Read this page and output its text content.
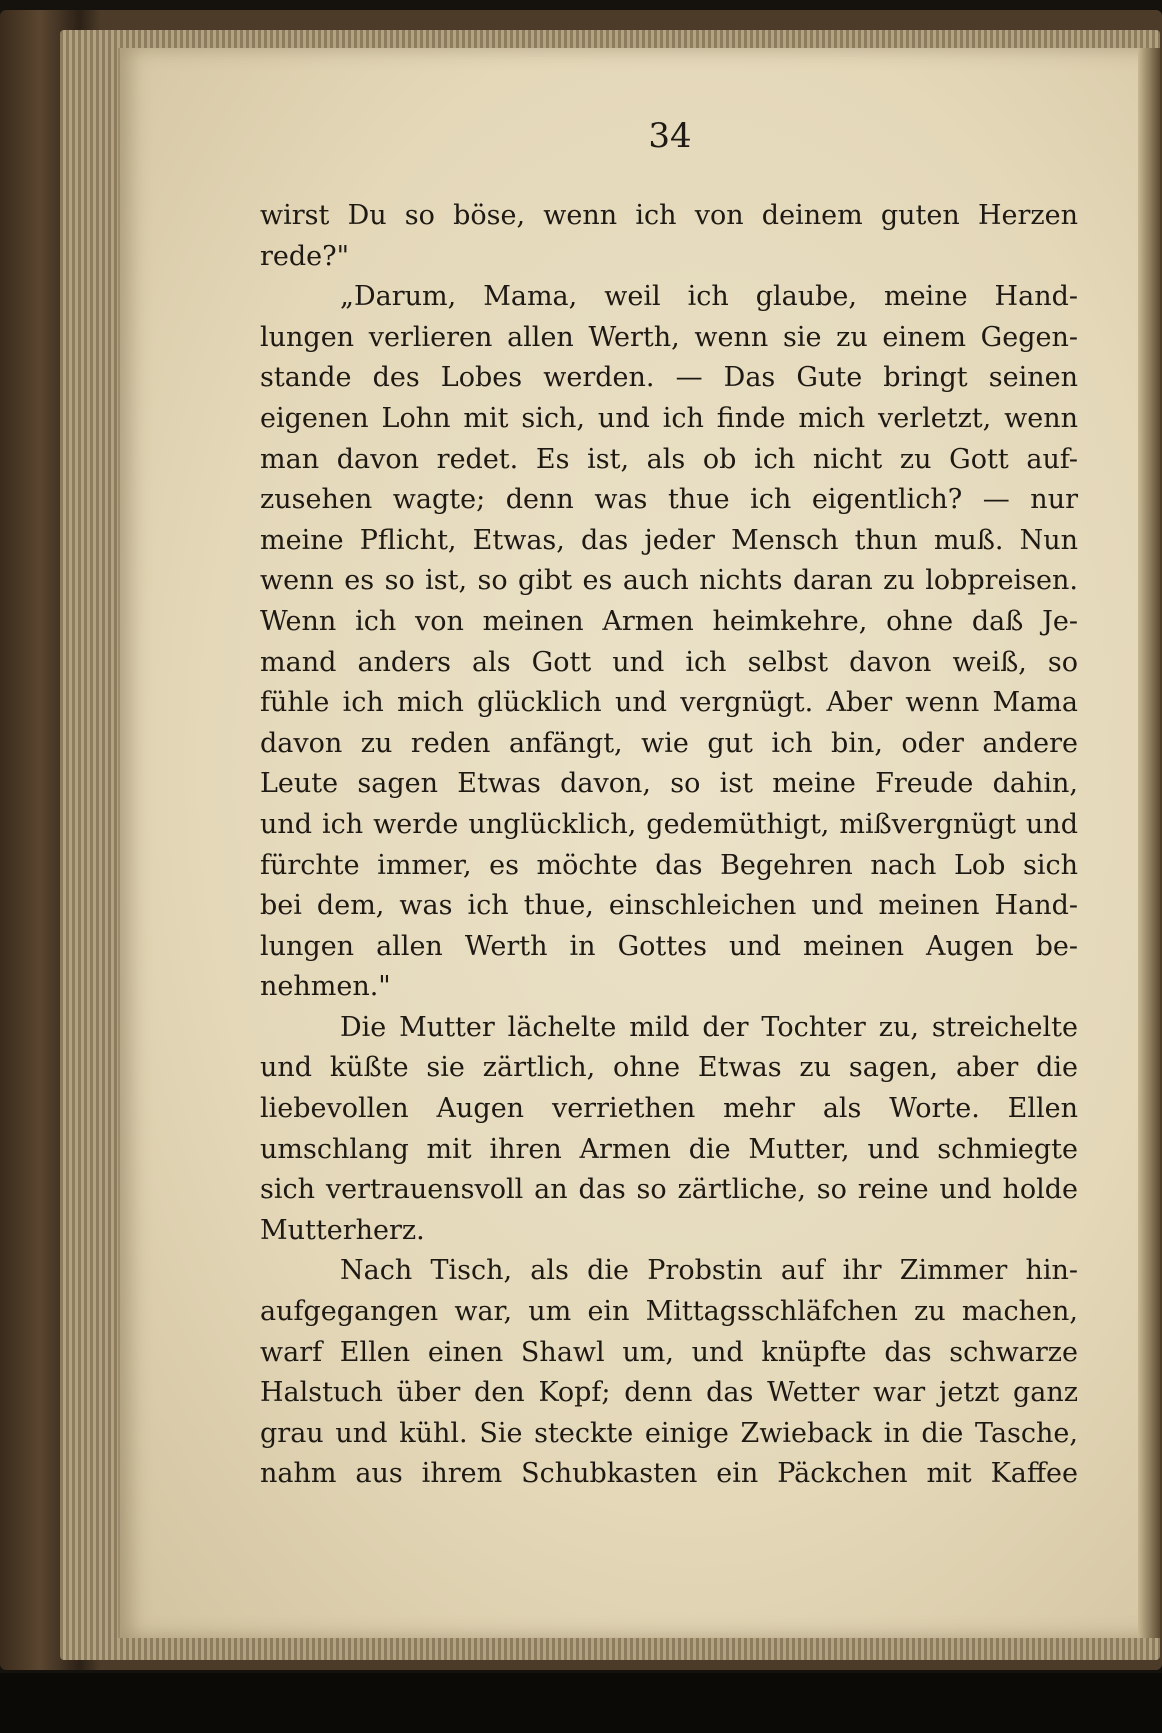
34
wirst Du so böse, wenn ich von deinem guten Herzen
rede?"
„Darum, Mama, weil ich glaube, meine Hand-
lungen verlieren allen Werth, wenn sie zu einem Gegen-
stande des Lobes werden. — Das Gute bringt seinen
eigenen Lohn mit sich, und ich finde mich verletzt, wenn
man davon redet. Es ist, als ob ich nicht zu Gott auf-
zusehen wagte; denn was thue ich eigentlich? — nur
meine Pflicht, Etwas, das jeder Mensch thun muß. Nun
wenn es so ist, so gibt es auch nichts daran zu lobpreisen.
Wenn ich von meinen Armen heimkehre, ohne daß Je-
mand anders als Gott und ich selbst davon weiß, so
fühle ich mich glücklich und vergnügt. Aber wenn Mama
davon zu reden anfängt, wie gut ich bin, oder andere
Leute sagen Etwas davon, so ist meine Freude dahin,
und ich werde unglücklich, gedemüthigt, mißvergnügt und
fürchte immer, es möchte das Begehren nach Lob sich
bei dem, was ich thue, einschleichen und meinen Hand-
lungen allen Werth in Gottes und meinen Augen be-
nehmen."
Die Mutter lächelte mild der Tochter zu, streichelte
und küßte sie zärtlich, ohne Etwas zu sagen, aber die
liebevollen Augen verriethen mehr als Worte. Ellen
umschlang mit ihren Armen die Mutter, und schmiegte
sich vertrauensvoll an das so zärtliche, so reine und holde
Mutterherz.
Nach Tisch, als die Probstin auf ihr Zimmer hin-
aufgegangen war, um ein Mittagsschläfchen zu machen,
warf Ellen einen Shawl um, und knüpfte das schwarze
Halstuch über den Kopf; denn das Wetter war jetzt ganz
grau und kühl. Sie steckte einige Zwieback in die Tasche,
nahm aus ihrem Schubkasten ein Päckchen mit Kaffee
